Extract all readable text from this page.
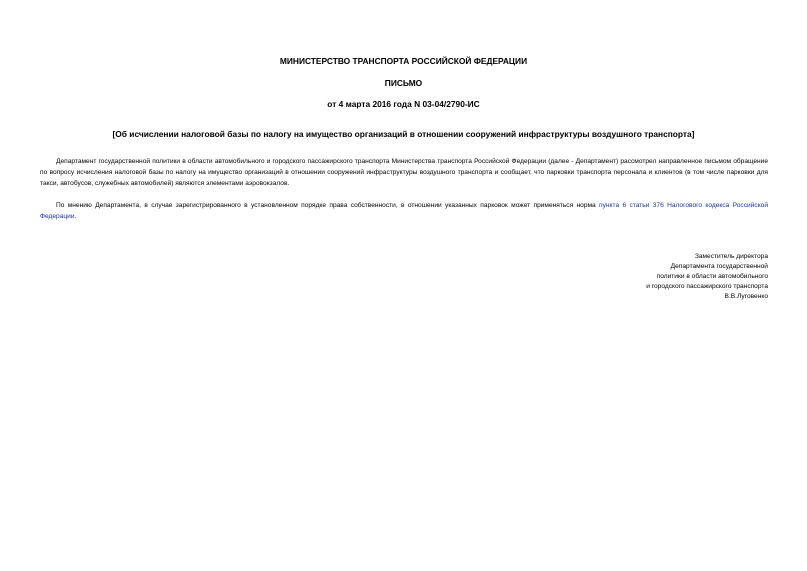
МИНИСТЕРСТВО ТРАНСПОРТА РОССИЙСКОЙ ФЕДЕРАЦИИ
ПИСЬМО
от 4 марта 2016 года N 03-04/2790-ИС
[Об исчислении налоговой базы по налогу на имущество организаций в отношении сооружений инфраструктуры воздушного транспорта]

Департамент государственной политики в области автомобильного и городского пассажирского транспорта Министерства транспорта Российской Федерации (далее - Департамент) рассмотрел направленное письмом обращение по вопросу исчисления налоговой базы по налогу на имущество организаций в отношении сооружений инфраструктуры воздушного транспорта и сообщает, что парковки транспорта персонала и клиентов (в том числе парковки для такси, автобусов, служебных автомобилей) являются элементами аэровокзалов.

По мнению Департамента, в случае зарегистрированного в установленном порядке права собственности, в отношении указанных парковок может применяться норма пункта 6 статьи 376 Налогового кодекса Российской Федерации.

Заместитель директора
Департамента государственной
политики в области автомобильного
и городского пассажирского транспорта
В.В.Луговенко
